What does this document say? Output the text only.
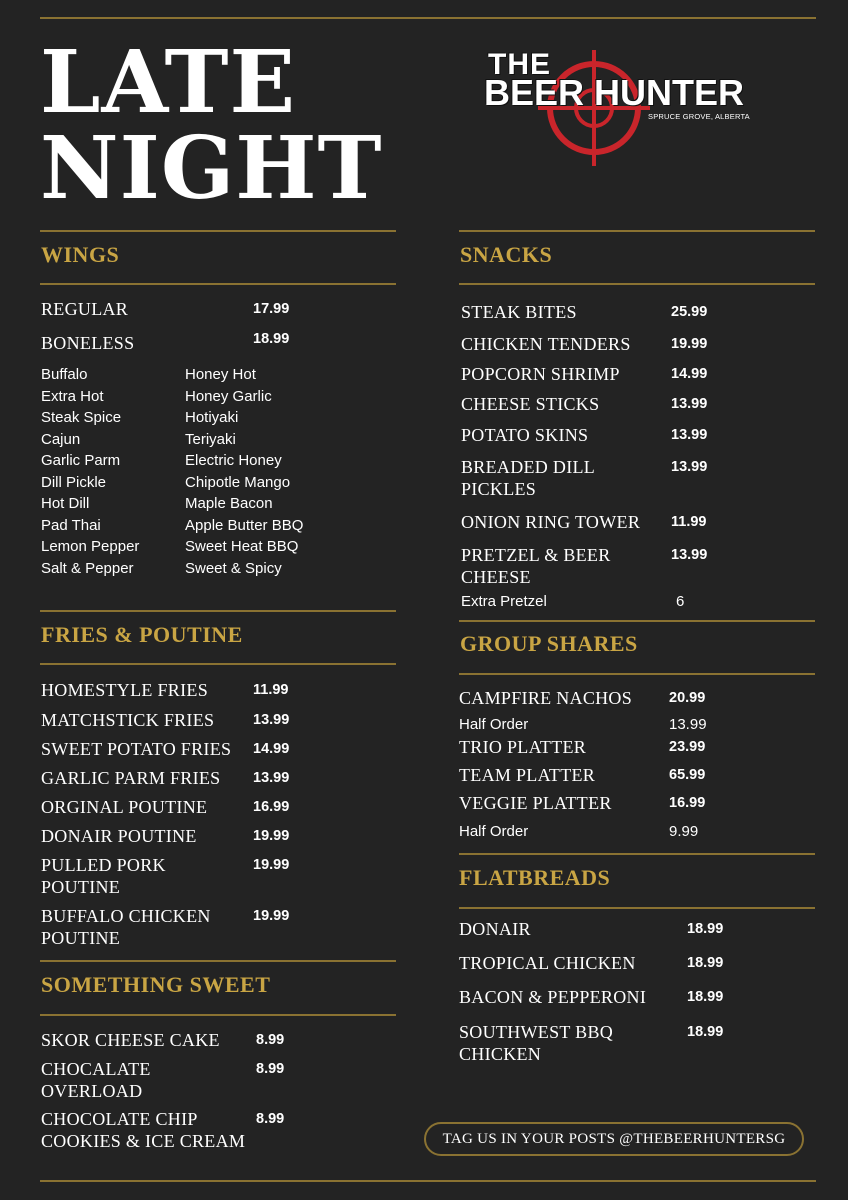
LATE
NIGHT
THE
BEER HUNTER
SPRUCE GROVE, ALBERTA
WINGS
REGULAR	17.99
BONELESS	18.99
Buffalo
Extra Hot
Steak Spice
Cajun
Garlic Parm
Dill Pickle
Hot Dill
Pad Thai
Lemon Pepper
Salt & Pepper
Honey Hot
Honey Garlic
Hotiyaki
Teriyaki
Electric Honey
Chipotle Mango
Maple Bacon
Apple Butter BBQ
Sweet Heat BBQ
Sweet & Spicy
FRIES & POUTINE
HOMESTYLE FRIES	11.99
MATCHSTICK FRIES	13.99
SWEET POTATO FRIES 14.99
GARLIC PARM FRIES 13.99
ORGINAL POUTINE	16.99
DONAIR POUTINE	19.99
PULLED PORK
POUTINE
19.99
BUFFALO CHICKEN
POUTINE
19.99
SOMETHING SWEET
SKOR CHEESE CAKE 8.99
CHOCALATE
OVERLOAD
8.99
CHOCOLATE CHIP
COOKIES & ICE CREAM
8.99
SNACKS
STEAK BITES	25.99
CHICKEN TENDERS	19.99
POPCORN SHRIMP	14.99
CHEESE STICKS	13.99
POTATO SKINS	13.99
BREADED DILL
PICKLES
13.99
ONION RING TOWER 11.99
PRETZEL & BEER
CHEESE
13.99
Extra Pretzel	6
GROUP SHARES
CAMPFIRE NACHOS	20.99
Half Order	13.99
TRIO PLATTER	23.99
TEAM PLATTER	65.99
VEGGIE PLATTER	16.99
Half Order	9.99
FLATBREADS
DONAIR	18.99
TROPICAL CHICKEN	18.99
BACON & PEPPERONI	18.99
SOUTHWEST BBQ
CHICKEN
18.99
TAG US IN YOUR POSTS @THEBEERHUNTERSG
